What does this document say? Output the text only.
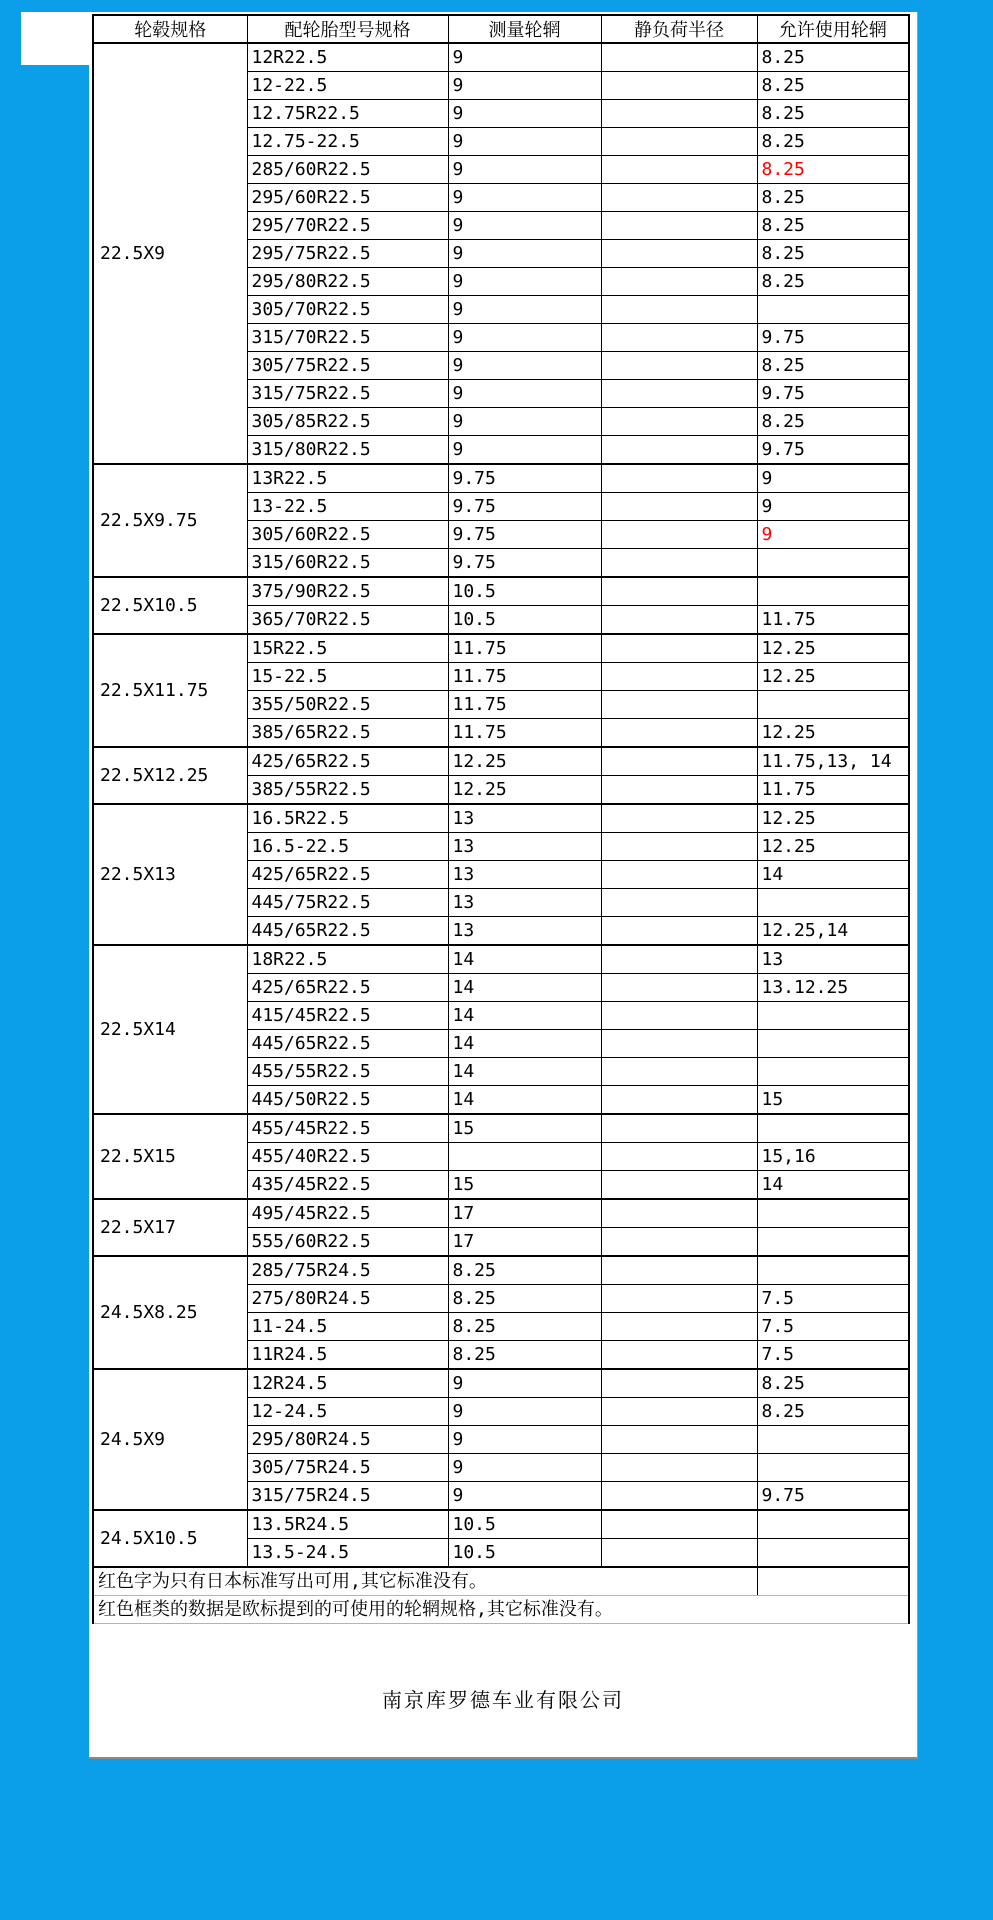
轮毂规格	配轮胎型号规格	测量轮辋	静负荷半径	允许使用轮辋
22.5X9	12R22.5	9		8.25
	12-22.5	9		8.25
	12.75R22.5	9		8.25
	12.75-22.5	9		8.25
	285/60R22.5	9		8.25
	295/60R22.5	9		8.25
	295/70R22.5	9		8.25
	295/75R22.5	9		8.25
	295/80R22.5	9		8.25
	305/70R22.5	9		
	315/70R22.5	9		9.75
	305/75R22.5	9		8.25
	315/75R22.5	9		9.75
	305/85R22.5	9		8.25
	315/80R22.5	9		9.75
22.5X9.75	13R22.5	9.75		9
	13-22.5	9.75		9
	305/60R22.5	9.75		9
	315/60R22.5	9.75		
22.5X10.5	375/90R22.5	10.5		
	365/70R22.5	10.5		11.75
22.5X11.75	15R22.5	11.75		12.25
	15-22.5	11.75		12.25
	355/50R22.5	11.75		
	385/65R22.5	11.75		12.25
22.5X12.25	425/65R22.5	12.25		11.75,13, 14
	385/55R22.5	12.25		11.75
22.5X13	16.5R22.5	13		12.25
	16.5-22.5	13		12.25
	425/65R22.5	13		14
	445/75R22.5	13		
	445/65R22.5	13		12.25,14
22.5X14	18R22.5	14		13
	425/65R22.5	14		13.12.25
	415/45R22.5	14		
	445/65R22.5	14		
	455/55R22.5	14		
	445/50R22.5	14		15
22.5X15	455/45R22.5	15		
	455/40R22.5			15,16
	435/45R22.5	15		14
22.5X17	495/45R22.5	17		
	555/60R22.5	17		
24.5X8.25	285/75R24.5	8.25		
	275/80R24.5	8.25		7.5
	11-24.5	8.25		7.5
	11R24.5	8.25		7.5
24.5X9	12R24.5	9		8.25
	12-24.5	9		8.25
	295/80R24.5	9		
	305/75R24.5	9		
	315/75R24.5	9		9.75
24.5X10.5	13.5R24.5	10.5		
	13.5-24.5	10.5		
红色字为只有日本标准写出可用,其它标准没有。				
红色框类的数据是欧标提到的可使用的轮辋规格,其它标准没有。				
南京库罗德车业有限公司
